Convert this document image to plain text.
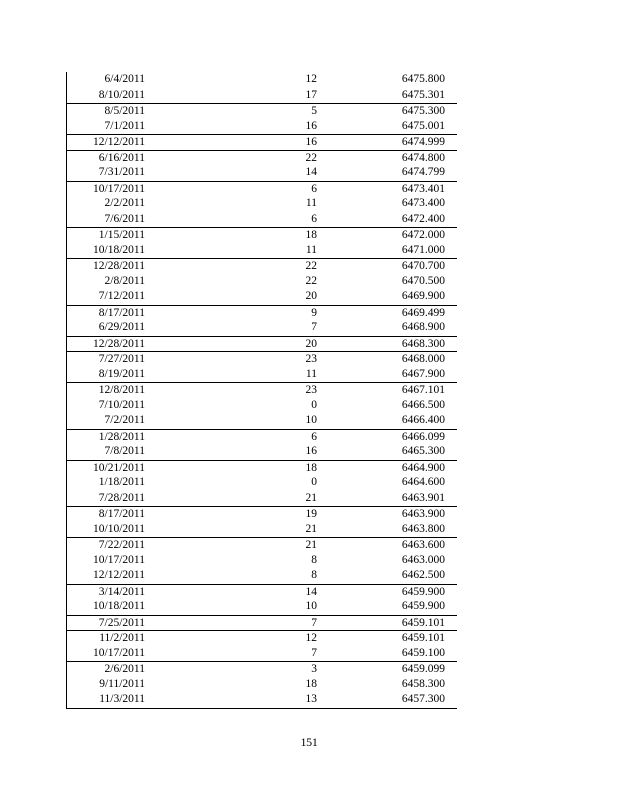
6/4/2011	12	6475.800
8/10/2011	17	6475.301
8/5/2011	5	6475.300
7/1/2011	16	6475.001
12/12/2011	16	6474.999
6/16/2011	22	6474.800
7/31/2011	14	6474.799
10/17/2011	6	6473.401
2/2/2011	11	6473.400
7/6/2011	6	6472.400
1/15/2011	18	6472.000
10/18/2011	11	6471.000
12/28/2011	22	6470.700
2/8/2011	22	6470.500
7/12/2011	20	6469.900
8/17/2011	9	6469.499
6/29/2011	7	6468.900
12/28/2011	20	6468.300
7/27/2011	23	6468.000
8/19/2011	11	6467.900
12/8/2011	23	6467.101
7/10/2011	0	6466.500
7/2/2011	10	6466.400
1/28/2011	6	6466.099
7/8/2011	16	6465.300
10/21/2011	18	6464.900
1/18/2011	0	6464.600
7/28/2011	21	6463.901
8/17/2011	19	6463.900
10/10/2011	21	6463.800
7/22/2011	21	6463.600
10/17/2011	8	6463.000
12/12/2011	8	6462.500
3/14/2011	14	6459.900
10/18/2011	10	6459.900
7/25/2011	7	6459.101
11/2/2011	12	6459.101
10/17/2011	7	6459.100
2/6/2011	3	6459.099
9/11/2011	18	6458.300
11/3/2011	13	6457.300
151
